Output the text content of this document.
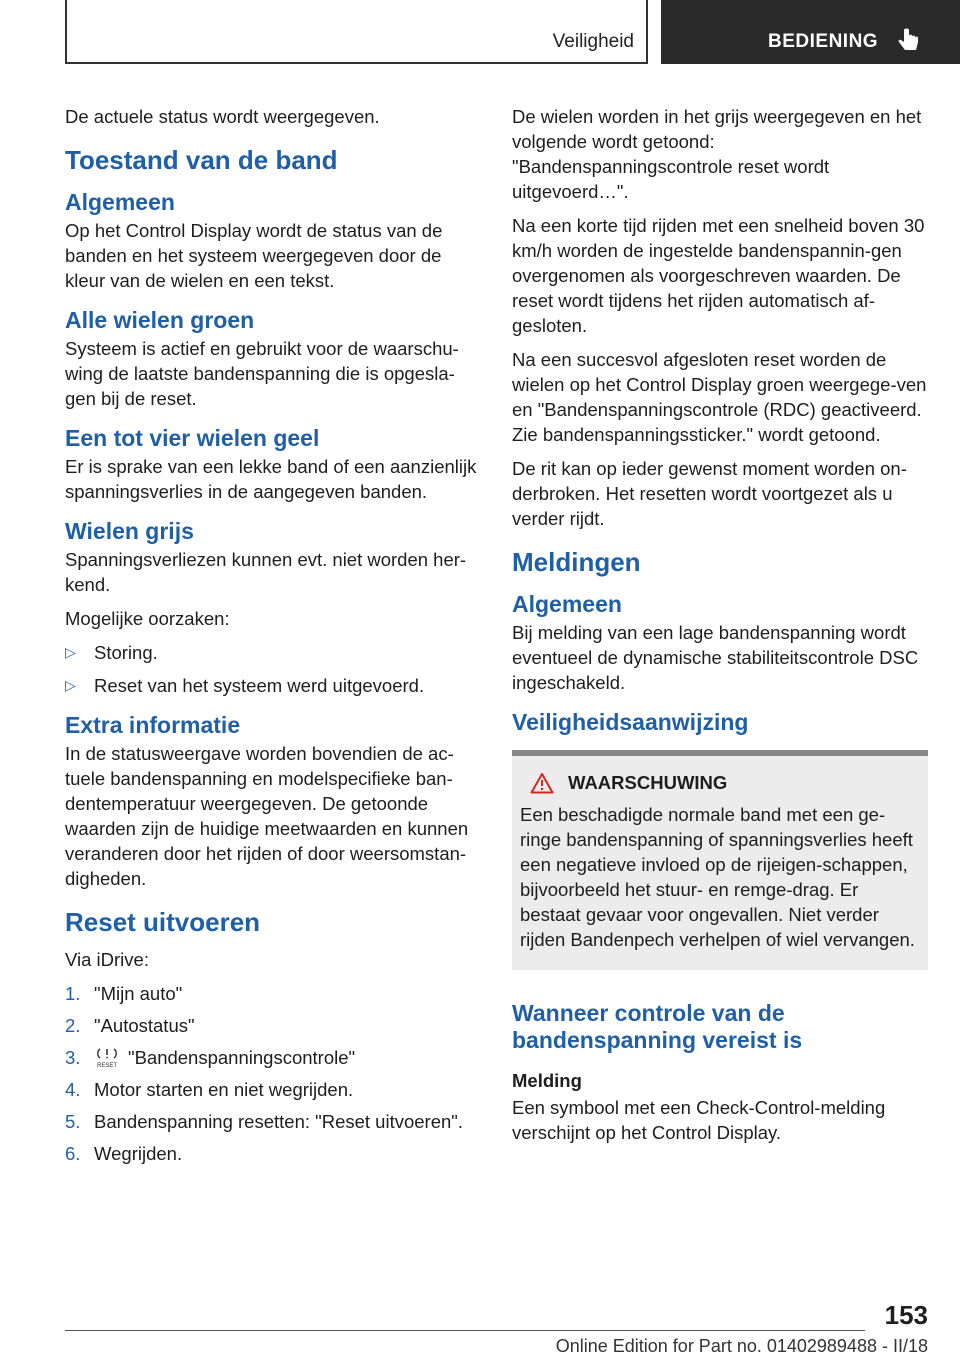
Veiligheid	BEDIENING

De actuele status wordt weergegeven.

Toestand van de band
Algemeen

Op het Control Display wordt de status van de banden en het systeem weergegeven door de kleur van de wielen en een tekst.

Alle wielen groen

Systeem is actief en gebruikt voor de waarschu-wing de laatste bandenspanning die is opgesla-gen bij de reset.

Een tot vier wielen geel

Er is sprake van een lekke band of een aanzienlijk spanningsverlies in de aangegeven banden.

Wielen grijs

Spanningsverliezen kunnen evt. niet worden her-kend.

Mogelijke oorzaken:

▷ Storing.
▷ Reset van het systeem werd uitgevoerd.
Extra informatie

In de statusweergave worden bovendien de ac-tuele bandenspanning en modelspecifieke ban-dentemperatuur weergegeven. De getoonde waarden zijn de huidige meetwaarden en kunnen veranderen door het rijden of door weersomstan-digheden.

Reset uitvoeren

Via iDrive:

1. "Mijn auto"
2. "Autostatus"
3.	RESET "Bandenspanningscontrole"
4. Motor starten en niet wegrijden.
5. Bandenspanning resetten: "Reset uitvoeren".
6. Wegrijden.

De wielen worden in het grijs weergegeven en het volgende wordt getoond: "Bandenspanningscontrole reset wordt uitgevoerd…".

Na een korte tijd rijden met een snelheid boven 30 km/h worden de ingestelde bandenspannin-gen overgenomen als voorgeschreven waarden. De reset wordt tijdens het rijden automatisch af-gesloten.

Na een succesvol afgesloten reset worden de wielen op het Control Display groen weergege-ven en "Bandenspanningscontrole (RDC) geactiveerd. Zie bandenspanningssticker." wordt getoond.

De rit kan op ieder gewenst moment worden on-derbroken. Het resetten wordt voortgezet als u verder rijdt.

Meldingen
Algemeen

Bij melding van een lage bandenspanning wordt eventueel de dynamische stabiliteitscontrole DSC ingeschakeld.

Veiligheidsaanwijzing
WAARSCHUWING

Een beschadigde normale band met een ge-ringe bandenspanning of spanningsverlies heeft een negatieve invloed op de rijeigen-schappen, bijvoorbeeld het stuur- en remge-drag. Er bestaat gevaar voor ongevallen. Niet verder rijden Bandenpech verhelpen of wiel vervangen.

Wanneer controle van de bandenspanning vereist is
Melding

Een symbool met een Check-Control-melding verschijnt op het Control Display.

153
Online Edition for Part no. 01402989488 - II/18
